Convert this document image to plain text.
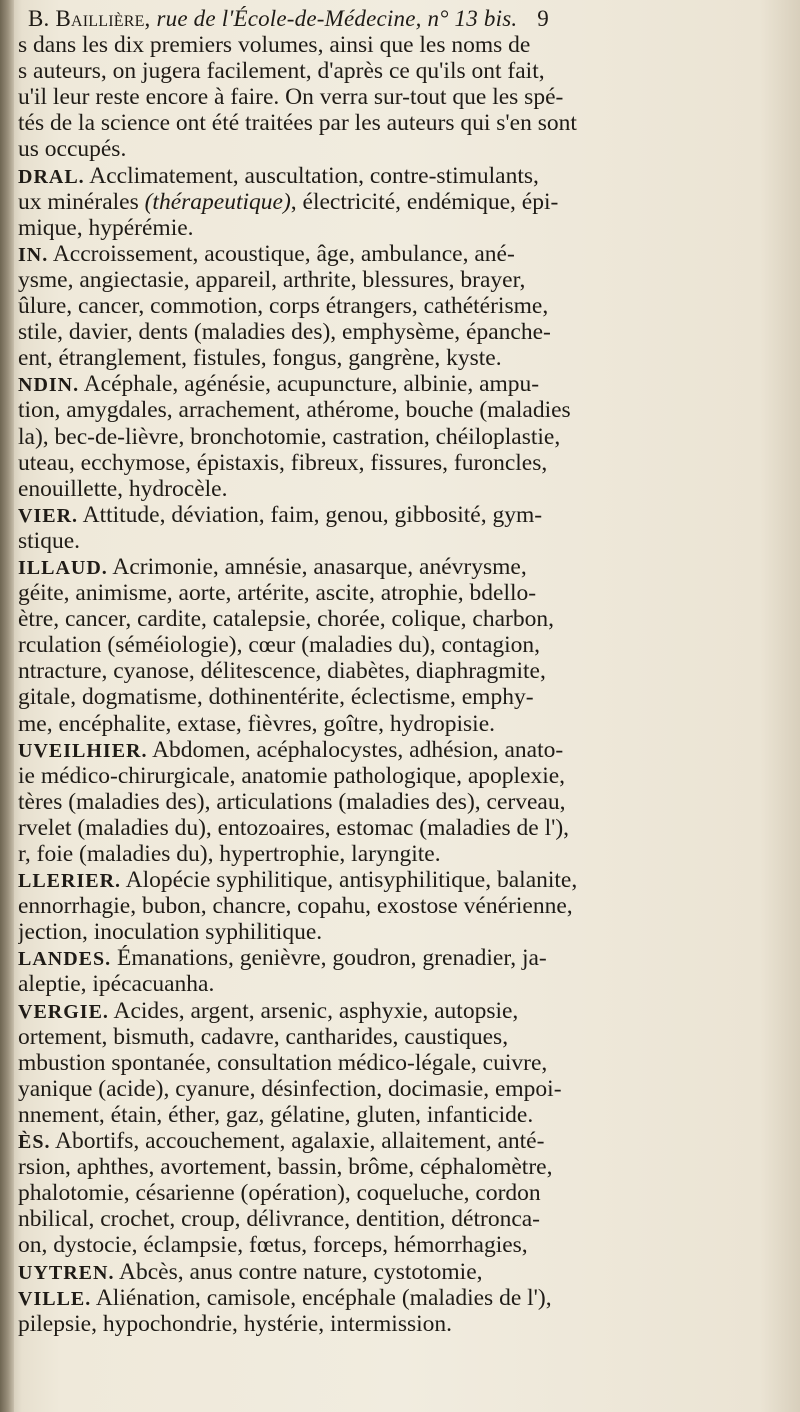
B. Baillière, rue de l'École-de-Médecine, n° 13 bis. 9
s dans les dix premiers volumes, ainsi que les noms de
s auteurs, on jugera facilement, d'après ce qu'ils ont fait,
u'il leur reste encore à faire. On verra sur-tout que les spé-
tés de la science ont été traitées par les auteurs qui s'en sont
us occupés.
DRAL. Acclimatement, auscultation, contre-stimulants,
ux minérales (thérapeutique), électricité, endémique, épi-
mique, hypérémie.
IN. Accroissement, acoustique, âge, ambulance, ané-
ysme, angiectasie, appareil, arthrite, blessures, brayer,
ûlure, cancer, commotion, corps étrangers, cathétérisme,
stile, davier, dents (maladies des), emphysème, épanche-
ent, étranglement, fistules, fongus, gangrène, kyste.
NDIN. Acéphale, agénésie, acupuncture, albinie, ampu-
tion, amygdales, arrachement, athérome, bouche (maladies
la), bec-de-lièvre, bronchotomie, castration, chéiloplastie,
uteau, ecchymose, épistaxis, fibreux, fissures, furoncles,
enouillette, hydrocèle.
VIER. Attitude, déviation, faim, genou, gibbosité, gym-
stique.
ILLAUD. Acrimonie, amnésie, anasarque, anévrysme,
géite, animisme, aorte, artérite, ascite, atrophie, bdello-
ètre, cancer, cardite, catalepsie, chorée, colique, charbon,
rculation (séméiologie), cœur (maladies du), contagion,
ntracture, cyanose, délitescence, diabètes, diaphragmite,
gitale, dogmatisme, dothinentérite, éclectisme, emphy-
me, encéphalite, extase, fièvres, goître, hydropisie.
UVEILHIER. Abdomen, acéphalocystes, adhésion, anato-
ie médico-chirurgicale, anatomie pathologique, apoplexie,
tères (maladies des), articulations (maladies des), cerveau,
rvelet (maladies du), entozoaires, estomac (maladies de l'),
r, foie (maladies du), hypertrophie, laryngite.
LLERIER. Alopécie syphilitique, antisyphilitique, balanite,
ennorrhagie, bubon, chancre, copahu, exostose vénérienne,
jection, inoculation syphilitique.
LANDES. Émanations, genièvre, goudron, grenadier, ja-
aleptie, ipécacuanha.
VERGIE. Acides, argent, arsenic, asphyxie, autopsie,
ortement, bismuth, cadavre, cantharides, caustiques,
mbustion spontanée, consultation médico-légale, cuivre,
yanique (acide), cyanure, désinfection, docimasie, empoi-
nnement, étain, éther, gaz, gélatine, gluten, infanticide.
ÈS. Abortifs, accouchement, agalaxie, allaitement, anté-
rsion, aphthes, avortement, bassin, brôme, céphalomètre,
phalotomie, césarienne (opération), coqueluche, cordon
nbilical, crochet, croup, délivrance, dentition, détronca-
on, dystocie, éclampsie, fœtus, forceps, hémorrhagies,
UYTREN. Abcès, anus contre nature, cystotomie,
VILLE. Aliénation, camisole, encéphale (maladies de l'),
pilepsie, hypochondrie, hystérie, intermission.
